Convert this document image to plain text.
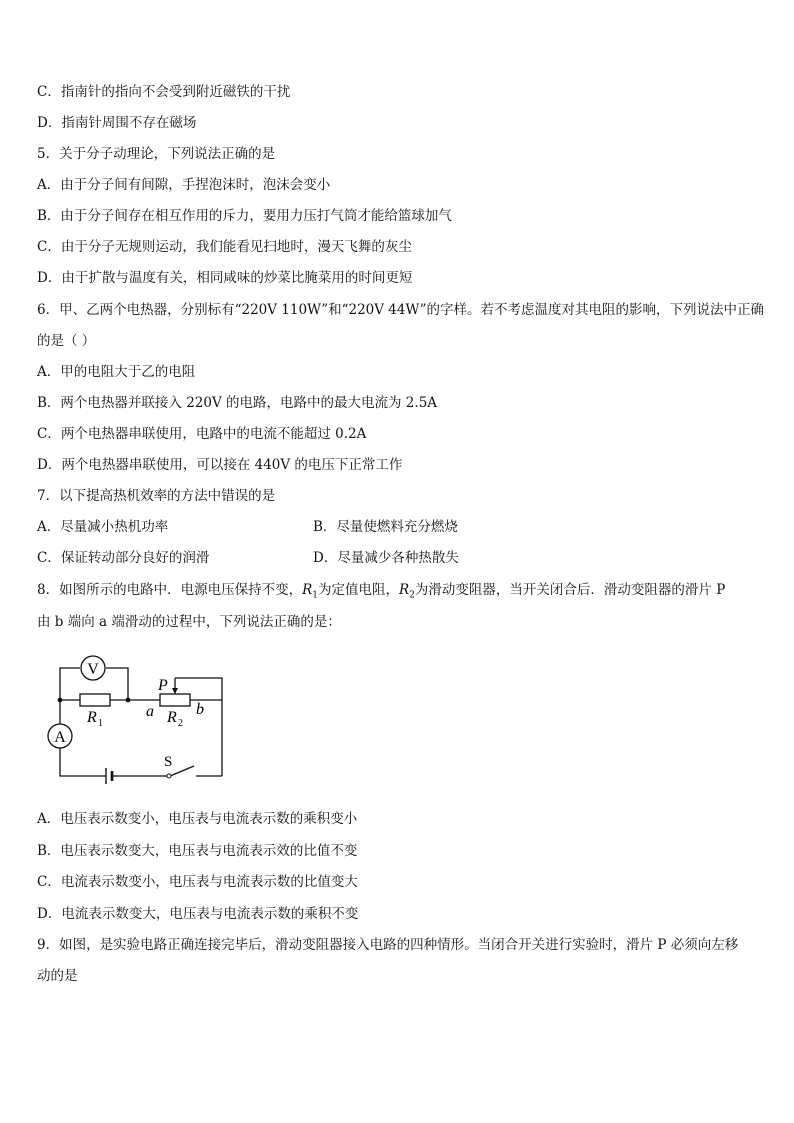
C．指南针的指向不会受到附近磁铁的干扰
D．指南针周围不存在磁场
5．关于分子动理论，下列说法正确的是
A．由于分子间有间隙，手捏泡沫时，泡沫会变小
B．由于分子间存在相互作用的斥力，要用力压打气筒才能给篮球加气
C．由于分子无规则运动，我们能看见扫地时，漫天飞舞的灰尘
D．由于扩散与温度有关，相同咸味的炒菜比腌菜用的时间更短
6．甲、乙两个电热器，分别标有“220V 110W”和“220V 44W”的字样。若不考虑温度对其电阻的影响，下列说法中正确
的是（ ）
A．甲的电阻大于乙的电阻
B．两个电热器并联接入 220V 的电路，电路中的最大电流为 2.5A
C．两个电热器串联使用，电路中的电流不能超过 0.2A
D．两个电热器串联使用，可以接在 440V 的电压下正常工作
7．以下提高热机效率的方法中错误的是
A．尽量减小热机功率	B．尽量使燃料充分燃烧
C．保证转动部分良好的润滑	D．尽量减少各种热散失
8．如图所示的电路中．电源电压保持不变，$R_1$为定值电阻，$R_2$为滑动变阻器，当开关闭合后．滑动变阻器的滑片 P
由 b 端向 a 端滑动的过程中，下列说法正确的是：
V
A
R 1	R 2
P
a	b
S
A．电压表示数变小，电压表与电流表示数的乘积变小
B．电压表示数变大，电压表与电流表示效的比值不变
C．电流表示数变小，电压表与电流表示数的比值变大
D．电流表示数变大，电压表与电流表示数的乘积不变
9．如图，是实验电路正确连接完毕后，滑动变阻器接入电路的四种情形。当闭合开关进行实验时，滑片 P 必须向左移
动的是
